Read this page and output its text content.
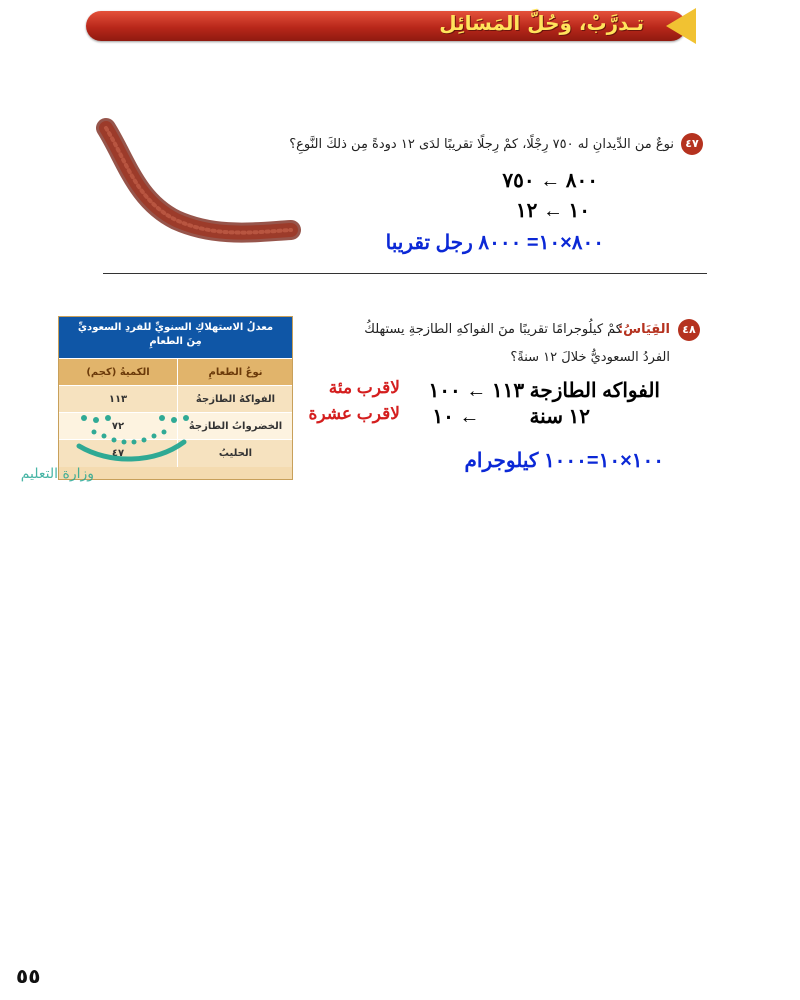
تـدرَّبْ، وَحُلَّ المَسَائِل
٤٧
نوعٌ من الدِّيدانِ له ٧٥٠ رِجْلًا، كمْ رِجلًا تقريبًا لدَى ١٢ دودةً مِن ذلكَ النَّوعِ؟
٨٠٠ ← ٧٥٠
١٠ ← ١٢
٨٠٠×١٠= ٨٠٠٠ رجل تقريبا
٤٨
القِيَاسُ:
كمْ كيلُوجرامًا تقريبًا منَ الفواكهِ الطازجةِ يستهلكُ
الفردُ السعوديُّ خلالَ ١٢ سنةً؟
الفواكه الطازجة ١١٣ ← ١٠٠
لاقرب مئة
١٢ سنة         ← ١٠
لاقرب عشرة
١٠٠×١٠=١٠٠٠ كيلوجرام
معدلُ الاستهلاكِ السنويِّ للفردِ السعوديِّ
مِنَ الطعامِ
نوعُ الطعامِ
الكميةُ (كجم)
الفواكهُ الطازجةُ
١١٣
الخضرواتُ الطازجةُ
٧٢
الحليبُ
٤٧
وزارة التعليم
٥٥
